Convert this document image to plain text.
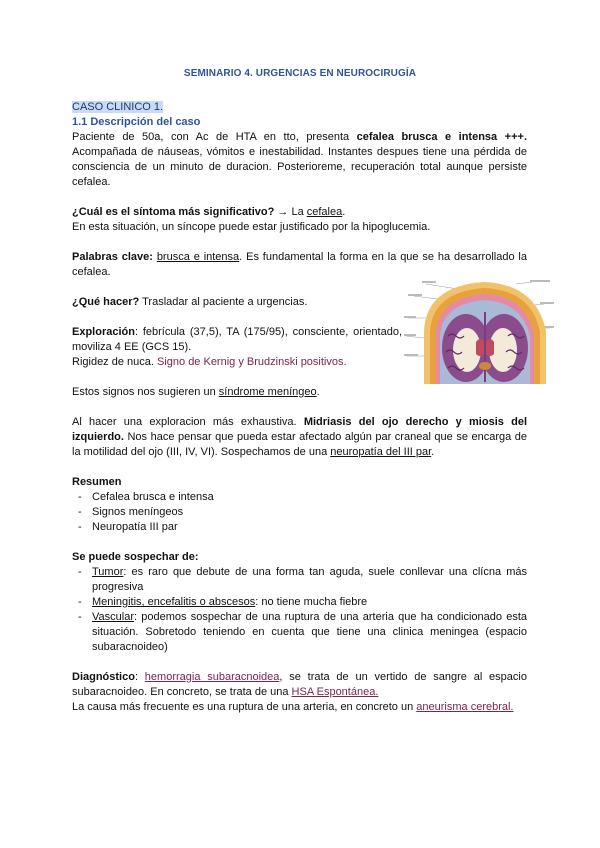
SEMINARIO 4. URGENCIAS EN NEUROCIRUGÍA

CASO CLINICO 1.

1.1 Descripción del caso

Paciente de 50a, con Ac de HTA en tto, presenta cefalea brusca e intensa +++. Acompañada de náuseas, vómitos e inestabilidad. Instantes despues tiene una pérdida de consciencia de un minuto de duracion. Posterioreme, recuperación total aunque persiste cefalea.

¿Cuál es el síntoma más significativo? → La cefalea.

En esta situación, un síncope puede estar justificado por la hipoglucemia.

Palabras clave: brusca e intensa. Es fundamental la forma en la que se ha desarrollado la cefalea.

¿Qué hacer? Trasladar al paciente a urgencias.

Exploración: febrícula (37,5), TA (175/95), consciente, orientado, moviliza 4 EE (GCS 15).

Rigidez de nuca. Signo de Kernig y Brudzinski positivos.

Estos signos nos sugieren un síndrome meníngeo.

Al hacer una exploracion más exhaustiva. Midriasis del ojo derecho y miosis del izquierdo. Nos hace pensar que pueda estar afectado algún par craneal que se encarga de la motilidad del ojo (III, IV, VI). Sospechamos de una neuropatía del III par.

Resumen

- Cefalea brusca e intensa
- Signos meníngeos
- Neuropatía III par

Se puede sospechar de:

- Tumor: es raro que debute de una forma tan aguda, suele conllevar una clícna más progresiva
- Meningitis, encefalitis o abscesos: no tiene mucha fiebre
- Vascular: podemos sospechar de una ruptura de una arteria que ha condicionado esta situación. Sobretodo teniendo en cuenta que tiene una clinica meningea (espacio subaracnoideo)

Diagnóstico: hemorragia subaracnoidea, se trata de un vertido de sangre al espacio subaracnoideo. En concreto, se trata de una HSA Espontánea.

La causa más frecuente es una ruptura de una arteria, en concreto un aneurisma cerebral.
